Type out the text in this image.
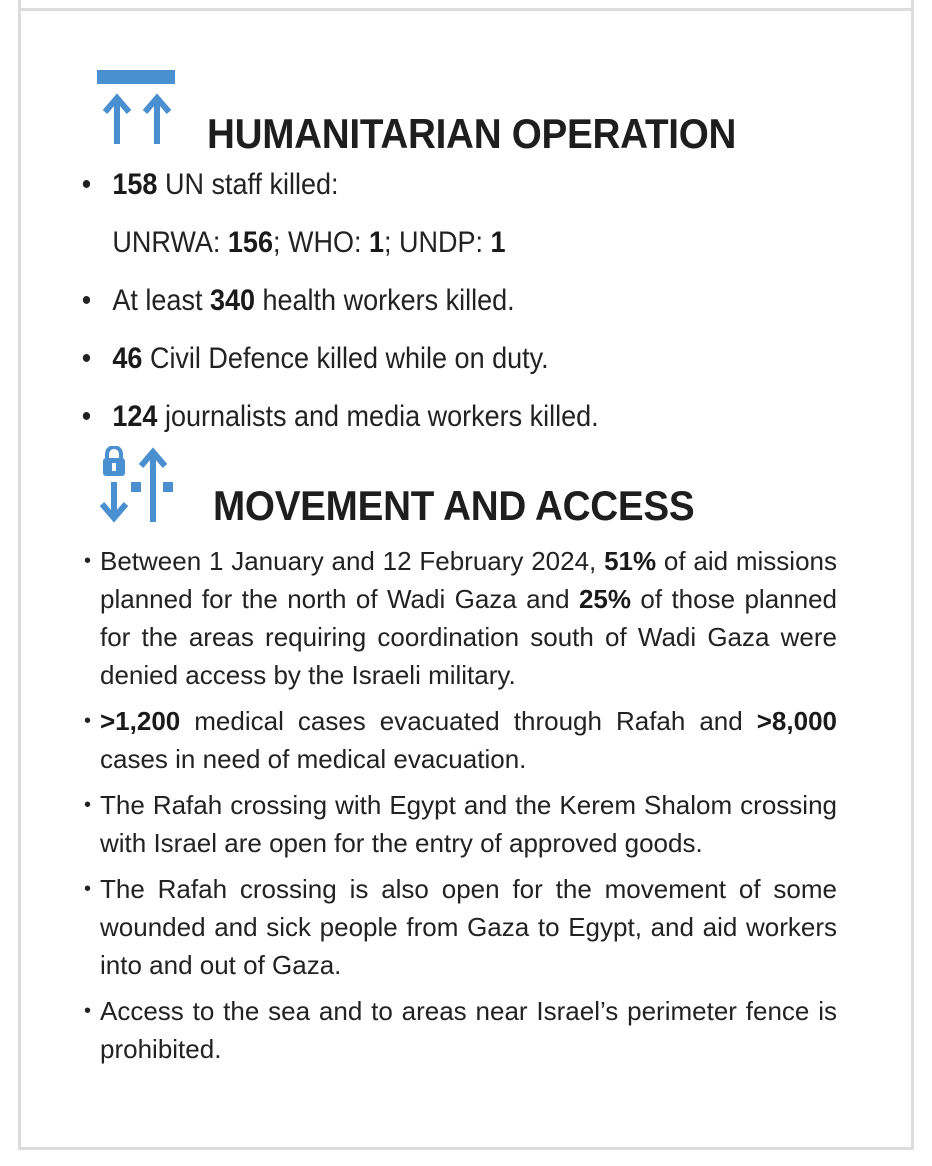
HUMANITARIAN OPERATION
• 158 UN staff killed:
UNRWA: 156; WHO: 1; UNDP: 1
• At least 340 health workers killed.
• 46 Civil Defence killed while on duty.
• 124 journalists and media workers killed.
MOVEMENT AND ACCESS
• Between 1 January and 12 February 2024, 51% of aid missions planned for the north of Wadi Gaza and 25% of those planned for the areas requiring coordination south of Wadi Gaza were denied access by the Israeli military.
• >1,200 medical cases evacuated through Rafah and >8,000 cases in need of medical evacuation.
• The Rafah crossing with Egypt and the Kerem Shalom crossing with Israel are open for the entry of approved goods.
• The Rafah crossing is also open for the movement of some wounded and sick people from Gaza to Egypt, and aid workers into and out of Gaza.
• Access to the sea and to areas near Israel’s perimeter fence is prohibited.
